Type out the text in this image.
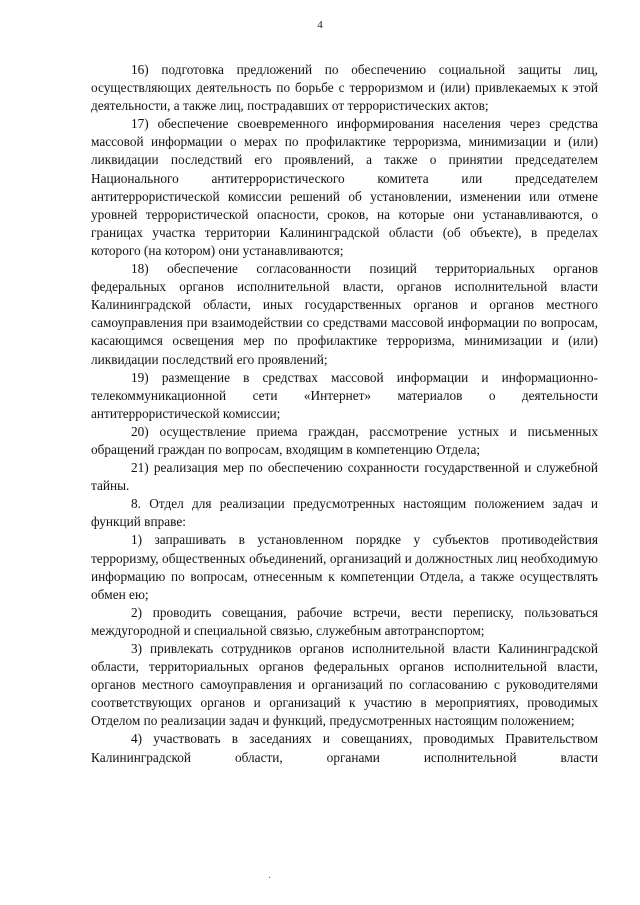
4

16) подготовка предложений по обеспечению социальной защиты лиц, осуществляющих деятельность по борьбе с терроризмом и (или) привлекаемых к этой деятельности, а также лиц, пострадавших от террористических актов;

17) обеспечение своевременного информирования населения через средства массовой информации о мерах по профилактике терроризма, минимизации и (или) ликвидации последствий его проявлений, а также о принятии председателем Национального антитеррористического комитета или председателем антитеррористической комиссии решений об установлении, изменении или отмене уровней террористической опасности, сроков, на которые они устанавливаются, о границах участка территории Калининградской области (об объекте), в пределах которого (на котором) они устанавливаются;

18) обеспечение согласованности позиций территориальных органов федеральных органов исполнительной власти, органов исполнительной власти Калининградской области, иных государственных органов и органов местного самоуправления при взаимодействии со средствами массовой информации по вопросам, касающимся освещения мер по профилактике терроризма, минимизации и (или) ликвидации последствий его проявлений;

19) размещение в средствах массовой информации и информационно-телекоммуникационной сети «Интернет» материалов о деятельности антитеррористической комиссии;

20) осуществление приема граждан, рассмотрение устных и письменных обращений граждан по вопросам, входящим в компетенцию Отдела;

21) реализация мер по обеспечению сохранности государственной и служебной тайны.

8. Отдел для реализации предусмотренных настоящим положением задач и функций вправе:

1) запрашивать в установленном порядке у субъектов противодействия терроризму, общественных объединений, организаций и должностных лиц необходимую информацию по вопросам, отнесенным к компетенции Отдела, а также осуществлять обмен ею;

2) проводить совещания, рабочие встречи, вести переписку, пользоваться междугородной и специальной связью, служебным автотранспортом;

3) привлекать сотрудников органов исполнительной власти Калининградской области, территориальных органов федеральных органов исполнительной власти, органов местного самоуправления и организаций по согласованию с руководителями соответствующих органов и организаций к участию в мероприятиях, проводимых Отделом по реализации задач и функций, предусмотренных настоящим положением;

4) участвовать в заседаниях и совещаниях, проводимых Правительством Калининградской области, органами исполнительной власти

·
